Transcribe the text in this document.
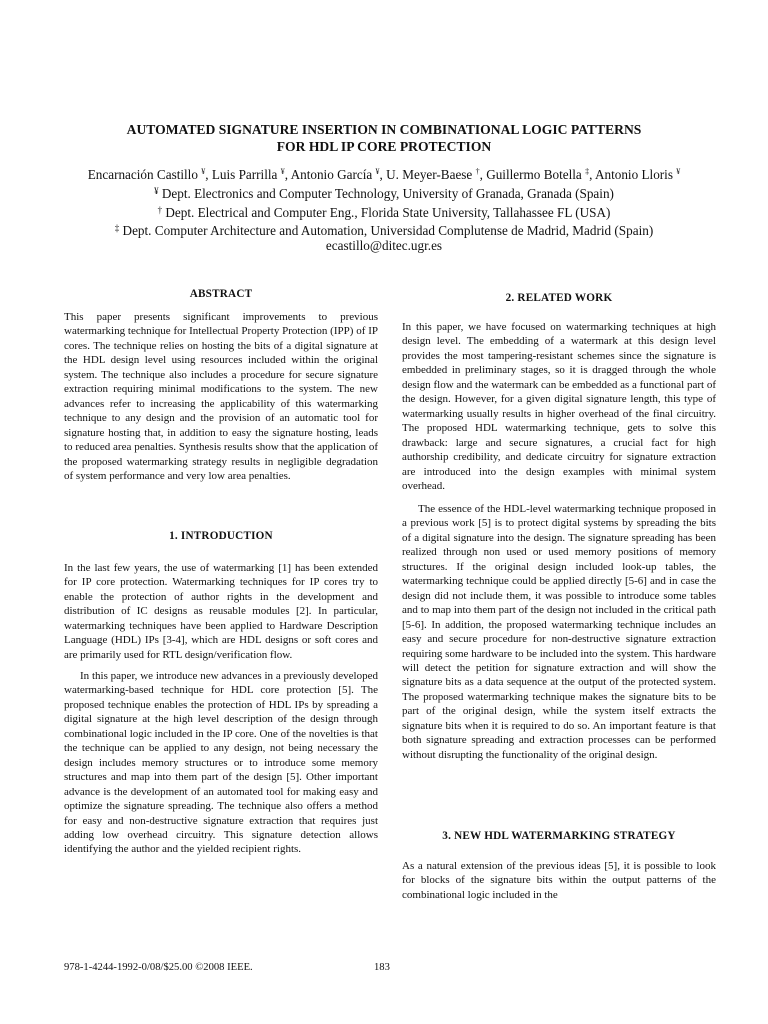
AUTOMATED SIGNATURE INSERTION IN COMBINATIONAL LOGIC PATTERNS
FOR HDL IP CORE PROTECTION
Encarnación Castillo ¥, Luis Parrilla ¥, Antonio García ¥, U. Meyer-Baese †, Guillermo Botella ‡, Antonio Lloris ¥
¥ Dept. Electronics and Computer Technology, University of Granada, Granada (Spain)
† Dept. Electrical and Computer Eng., Florida State University, Tallahassee FL (USA)
‡ Dept. Computer Architecture and Automation, Universidad Complutense de Madrid, Madrid (Spain)
ecastillo@ditec.ugr.es
ABSTRACT
This paper presents significant improvements to previous watermarking technique for Intellectual Property Protection (IPP) of IP cores. The technique relies on hosting the bits of a digital signature at the HDL design level using resources included within the original system. The technique also includes a procedure for secure signature extraction requiring minimal modifications to the system. The new advances refer to increasing the applicability of this watermarking technique to any design and the provision of an automatic tool for signature hosting that, in addition to easy the signature hosting, leads to reduced area penalties. Synthesis results show that the application of the proposed watermarking strategy results in negligible degradation of system performance and very low area penalties.
1. INTRODUCTION
In the last few years, the use of watermarking [1] has been extended for IP core protection. Watermarking techniques for IP cores try to enable the protection of author rights in the development and distribution of IC designs as reusable modules [2]. In particular, watermarking techniques have been applied to Hardware Description Language (HDL) IPs [3-4], which are HDL designs or soft cores and are primarily used for RTL design/verification flow.
In this paper, we introduce new advances in a previously developed watermarking-based technique for HDL core protection [5]. The proposed technique enables the protection of HDL IPs by spreading a digital signature at the high level description of the design through combinational logic included in the IP core. One of the novelties is that the technique can be applied to any design, not being necessary the design includes memory structures or to introduce some memory structures and map into them part of the design [5]. Other important advance is the development of an automated tool for making easy and optimize the signature spreading. The technique also offers a method for easy and non-destructive signature extraction that requires just adding low overhead circuitry. This signature detection allows identifying the author and the yielded recipient rights.
2. RELATED WORK
In this paper, we have focused on watermarking techniques at high design level. The embedding of a watermark at this design level provides the most tampering-resistant schemes since the signature is embedded in preliminary stages, so it is dragged through the whole design flow and the watermark can be embedded as a functional part of the design. However, for a given digital signature length, this type of watermarking usually results in higher overhead of the final circuitry. The proposed HDL watermarking technique, gets to solve this drawback: large and secure signatures, a crucial fact for high authorship credibility, and dedicate circuitry for signature extraction are introduced into the design examples with minimal system overhead.
The essence of the HDL-level watermarking technique proposed in a previous work [5] is to protect digital systems by spreading the bits of a digital signature into the design. The signature spreading has been realized through non used or used memory positions of memory structures. If the original design included look-up tables, the watermarking technique could be applied directly [5-6] and in case the design did not include them, it was possible to introduce some tables and to map into them part of the design not included in the critical path [5-6]. In addition, the proposed watermarking technique includes an easy and secure procedure for non-destructive signature extraction requiring some hardware to be included into the system. This hardware will detect the petition for signature extraction and will show the signature bits as a data sequence at the output of the protected system. The proposed watermarking technique makes the signature bits to be part of the original design, while the system itself extracts the signature bits when it is required to do so. An important feature is that both signature spreading and extraction processes can be performed without disrupting the functionality of the original design.
3. NEW HDL WATERMARKING STRATEGY
As a natural extension of the previous ideas [5], it is possible to look for blocks of the signature bits within the output patterns of the combinational logic included in the
978-1-4244-1992-0/08/$25.00 ©2008 IEEE.	183
